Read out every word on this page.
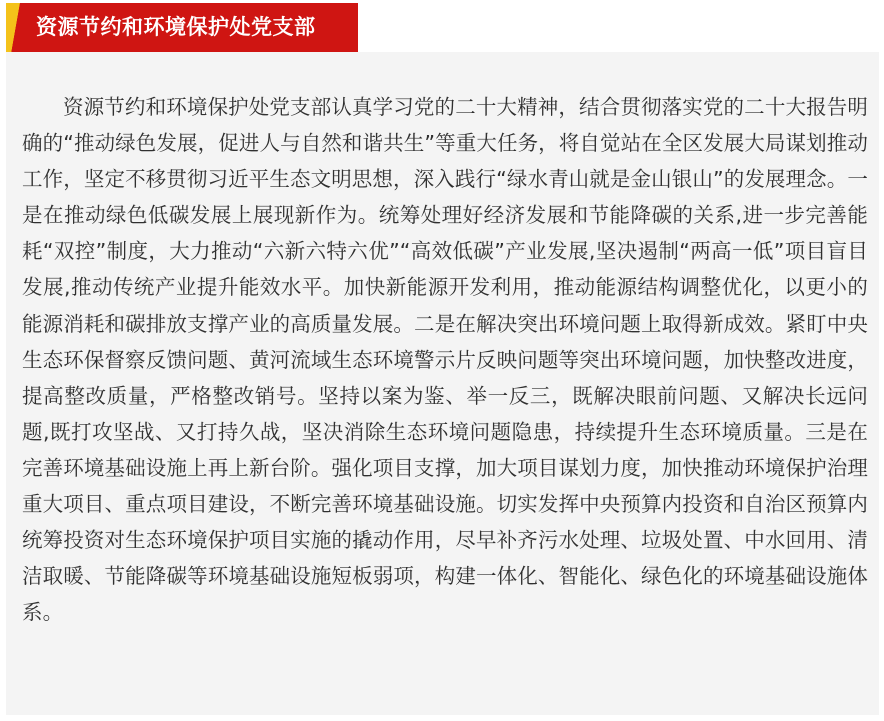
资源节约和环境保护处党支部

资源节约和环境保护处党支部认真学习党的二十大精神，结合贯彻落实党的二十大报告明确的“推动绿色发展，促进人与自然和谐共生”等重大任务，将自觉站在全区发展大局谋划推动工作，坚定不移贯彻习近平生态文明思想，深入践行“绿水青山就是金山银山”的发展理念。一是在推动绿色低碳发展上展现新作为。统筹处理好经济发展和节能降碳的关系,进一步完善能耗“双控”制度，大力推动“六新六特六优”“高效低碳”产业发展,坚决遏制“两高一低”项目盲目发展,推动传统产业提升能效水平。加快新能源开发利用，推动能源结构调整优化，以更小的能源消耗和碳排放支撑产业的高质量发展。二是在解决突出环境问题上取得新成效。紧盯中央生态环保督察反馈问题、黄河流域生态环境警示片反映问题等突出环境问题，加快整改进度，提高整改质量，严格整改销号。坚持以案为鉴、举一反三，既解决眼前问题、又解决长远问题,既打攻坚战、又打持久战，坚决消除生态环境问题隐患，持续提升生态环境质量。三是在完善环境基础设施上再上新台阶。强化项目支撑，加大项目谋划力度，加快推动环境保护治理重大项目、重点项目建设，不断完善环境基础设施。切实发挥中央预算内投资和自治区预算内统筹投资对生态环境保护项目实施的撬动作用，尽早补齐污水处理、垃圾处置、中水回用、清洁取暖、节能降碳等环境基础设施短板弱项，构建一体化、智能化、绿色化的环境基础设施体系。
